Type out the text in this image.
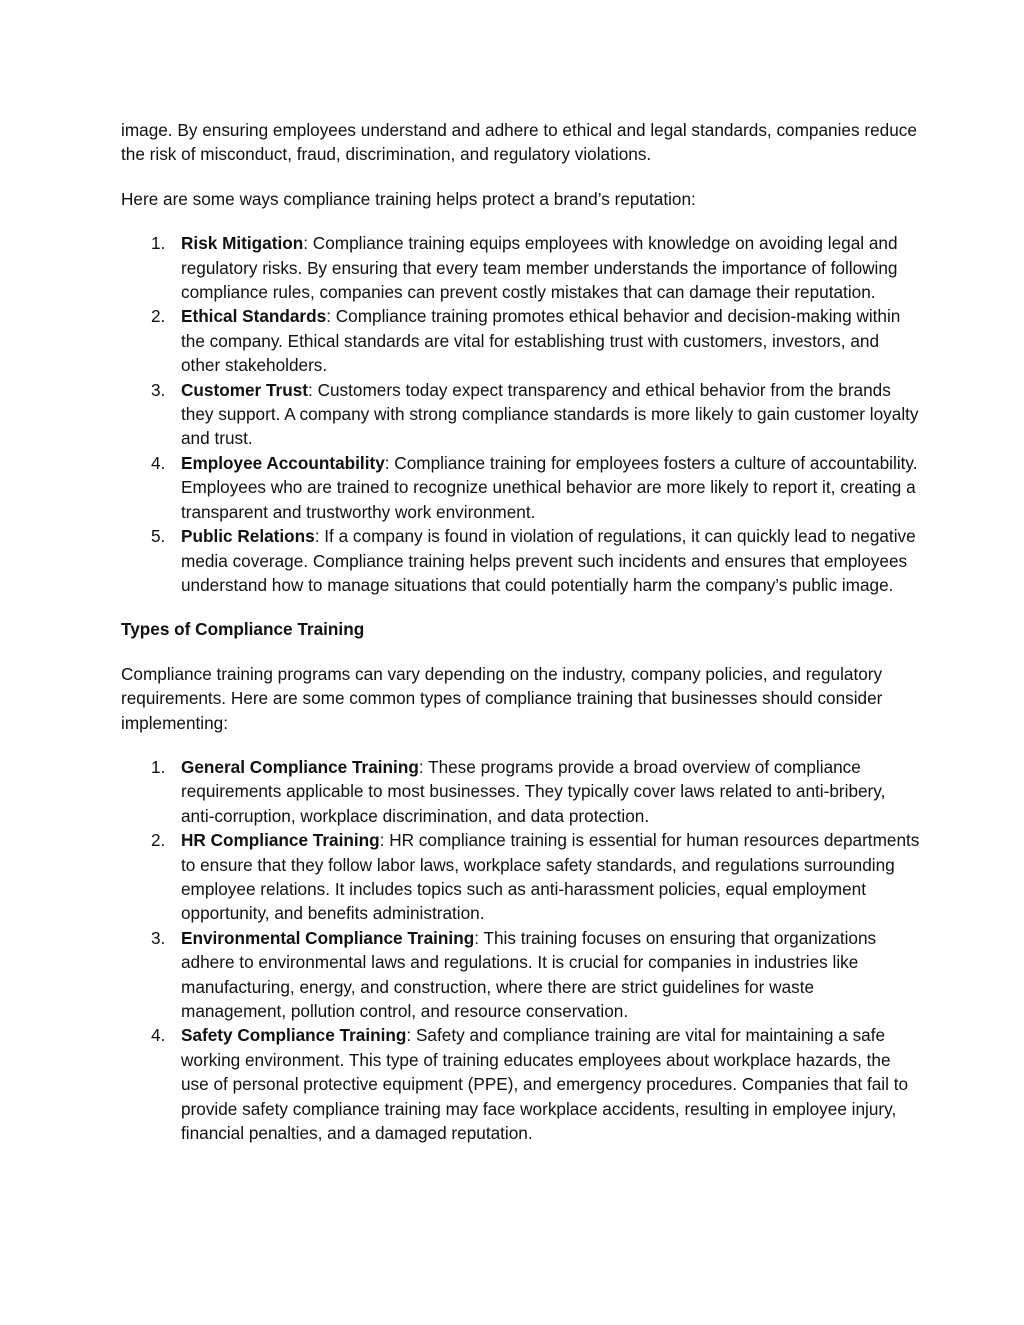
image. By ensuring employees understand and adhere to ethical and legal standards, companies reduce the risk of misconduct, fraud, discrimination, and regulatory violations.

Here are some ways compliance training helps protect a brand’s reputation:

1. Risk Mitigation: Compliance training equips employees with knowledge on avoiding legal and regulatory risks. By ensuring that every team member understands the importance of following compliance rules, companies can prevent costly mistakes that can damage their reputation.
2. Ethical Standards: Compliance training promotes ethical behavior and decision-making within the company. Ethical standards are vital for establishing trust with customers, investors, and other stakeholders.
3. Customer Trust: Customers today expect transparency and ethical behavior from the brands they support. A company with strong compliance standards is more likely to gain customer loyalty and trust.
4. Employee Accountability: Compliance training for employees fosters a culture of accountability. Employees who are trained to recognize unethical behavior are more likely to report it, creating a transparent and trustworthy work environment.
5. Public Relations: If a company is found in violation of regulations, it can quickly lead to negative media coverage. Compliance training helps prevent such incidents and ensures that employees understand how to manage situations that could potentially harm the company’s public image.

Types of Compliance Training

Compliance training programs can vary depending on the industry, company policies, and regulatory requirements. Here are some common types of compliance training that businesses should consider implementing:

1. General Compliance Training: These programs provide a broad overview of compliance requirements applicable to most businesses. They typically cover laws related to anti-bribery, anti-corruption, workplace discrimination, and data protection.
2. HR Compliance Training: HR compliance training is essential for human resources departments to ensure that they follow labor laws, workplace safety standards, and regulations surrounding employee relations. It includes topics such as anti-harassment policies, equal employment opportunity, and benefits administration.
3. Environmental Compliance Training: This training focuses on ensuring that organizations adhere to environmental laws and regulations. It is crucial for companies in industries like manufacturing, energy, and construction, where there are strict guidelines for waste management, pollution control, and resource conservation.
4. Safety Compliance Training: Safety and compliance training are vital for maintaining a safe working environment. This type of training educates employees about workplace hazards, the use of personal protective equipment (PPE), and emergency procedures. Companies that fail to provide safety compliance training may face workplace accidents, resulting in employee injury, financial penalties, and a damaged reputation.
